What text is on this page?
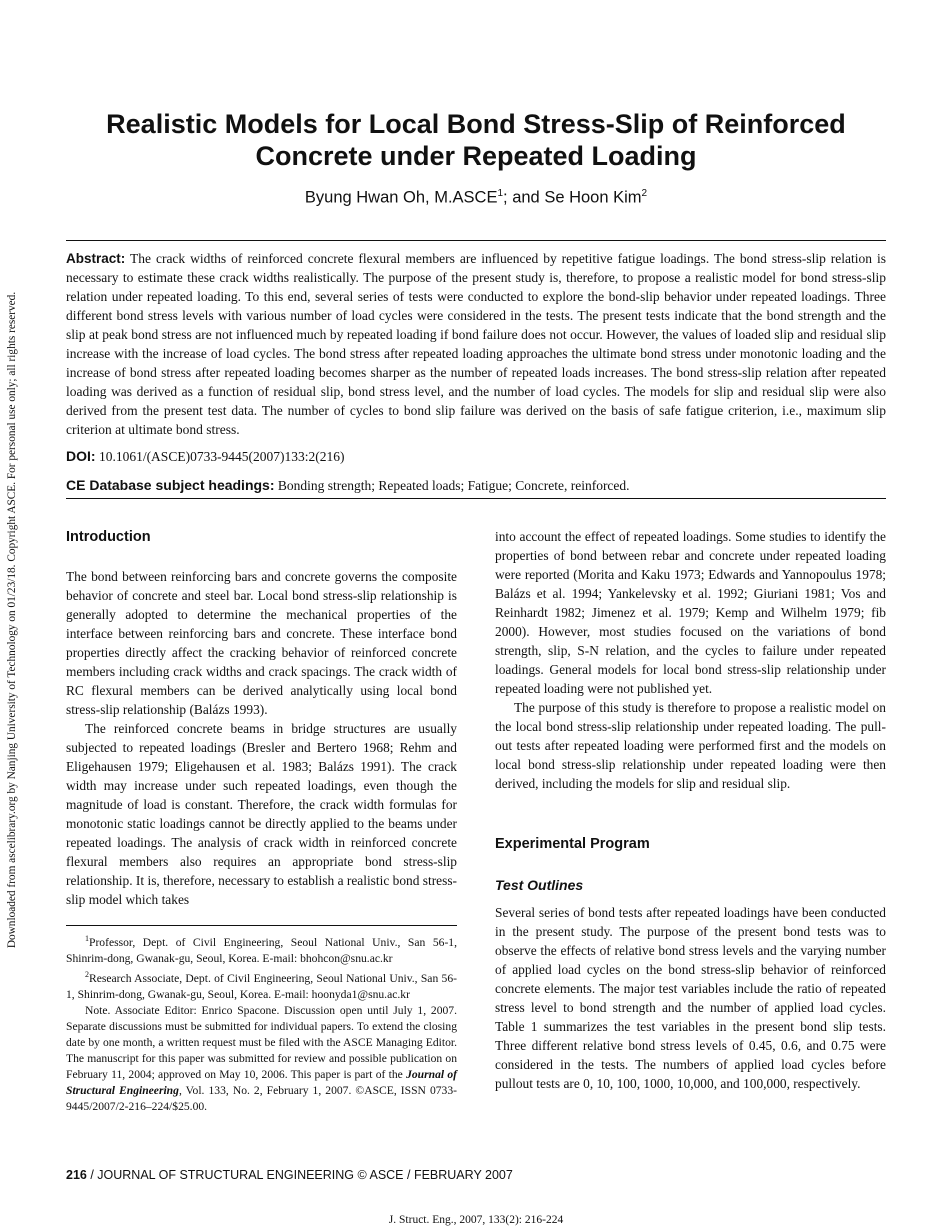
Downloaded from ascelibrary.org by Nanjing University of Technology on 01/23/18. Copyright ASCE. For personal use only; all rights reserved.
Realistic Models for Local Bond Stress-Slip of Reinforced
Concrete under Repeated Loading
Byung Hwan Oh, M.ASCE$^1$; and Se Hoon Kim$^2$
Abstract: The crack widths of reinforced concrete flexural members are influenced by repetitive fatigue loadings. The bond stress-slip relation is necessary to estimate these crack widths realistically. The purpose of the present study is, therefore, to propose a realistic model for bond stress-slip relation under repeated loading. To this end, several series of tests were conducted to explore the bond-slip behavior under repeated loadings. Three different bond stress levels with various number of load cycles were considered in the tests. The present tests indicate that the bond strength and the slip at peak bond stress are not influenced much by repeated loading if bond failure does not occur. However, the values of loaded slip and residual slip increase with the increase of load cycles. The bond stress after repeated loading approaches the ultimate bond stress under monotonic loading and the increase of bond stress after repeated loading becomes sharper as the number of repeated loads increases. The bond stress-slip relation after repeated loading was derived as a function of residual slip, bond stress level, and the number of load cycles. The models for slip and residual slip were also derived from the present test data. The number of cycles to bond slip failure was derived on the basis of safe fatigue criterion, i.e., maximum slip criterion at ultimate bond stress.
DOI: 10.1061/(ASCE)0733-9445(2007)133:2(216)
CE Database subject headings: Bonding strength; Repeated loads; Fatigue; Concrete, reinforced.
Introduction

The bond between reinforcing bars and concrete governs the composite behavior of concrete and steel bar. Local bond stress-slip relationship is generally adopted to determine the mechanical properties of the interface between reinforcing bars and concrete. These interface bond properties directly affect the cracking behavior of reinforced concrete members including crack widths and crack spacings. The crack width of RC flexural members can be derived analytically using local bond stress-slip relationship (Balázs 1993).

The reinforced concrete beams in bridge structures are usually subjected to repeated loadings (Bresler and Bertero 1968; Rehm and Eligehausen 1979; Eligehausen et al. 1983; Balázs 1991). The crack width may increase under such repeated loadings, even though the magnitude of load is constant. Therefore, the crack width formulas for monotonic static loadings cannot be directly applied to the beams under repeated loadings. The analysis of crack width in reinforced concrete flexural members also requires an appropriate bond stress-slip relationship. It is, therefore, necessary to establish a realistic bond stress-slip model which takes

$^1$Professor, Dept. of Civil Engineering, Seoul National Univ., San 56-1, Shinrim-dong, Gwanak-gu, Seoul, Korea. E-mail: bhohcon@snu.ac.kr

$^2$Research Associate, Dept. of Civil Engineering, Seoul National Univ., San 56-1, Shinrim-dong, Gwanak-gu, Seoul, Korea. E-mail: hoonyda1@snu.ac.kr

Note. Associate Editor: Enrico Spacone. Discussion open until July 1, 2007. Separate discussions must be submitted for individual papers. To extend the closing date by one month, a written request must be filed with the ASCE Managing Editor. The manuscript for this paper was submitted for review and possible publication on February 11, 2004; approved on May 10, 2006. This paper is part of the Journal of Structural Engineering, Vol. 133, No. 2, February 1, 2007. ©ASCE, ISSN 0733-9445/2007/2-216–224/$25.00.

into account the effect of repeated loadings. Some studies to identify the properties of bond between rebar and concrete under repeated loading were reported (Morita and Kaku 1973; Edwards and Yannopoulus 1978; Balázs et al. 1994; Yankelevsky et al. 1992; Giuriani 1981; Vos and Reinhardt 1982; Jimenez et al. 1979; Kemp and Wilhelm 1979; fib 2000). However, most studies focused on the variations of bond strength, slip, S-N relation, and the cycles to failure under repeated loadings. General models for local bond stress-slip relationship under repeated loading were not published yet.

The purpose of this study is therefore to propose a realistic model on the local bond stress-slip relationship under repeated loading. The pull-out tests after repeated loading were performed first and the models on local bond stress-slip relationship under repeated loading were then derived, including the models for slip and residual slip.

Experimental Program
Test Outlines

Several series of bond tests after repeated loadings have been conducted in the present study. The purpose of the present bond tests was to observe the effects of relative bond stress levels and the varying number of applied load cycles on the bond stress-slip behavior of reinforced concrete elements. The major test variables include the ratio of repeated stress level to bond strength and the number of applied load cycles. Table 1 summarizes the test variables in the present bond slip tests. Three different relative bond stress levels of 0.45, 0.6, and 0.75 were considered in the tests. The numbers of applied load cycles before pullout tests are 0, 10, 100, 1000, 10,000, and 100,000, respectively.

216 / JOURNAL OF STRUCTURAL ENGINEERING © ASCE / FEBRUARY 2007
J. Struct. Eng., 2007, 133(2): 216-224
